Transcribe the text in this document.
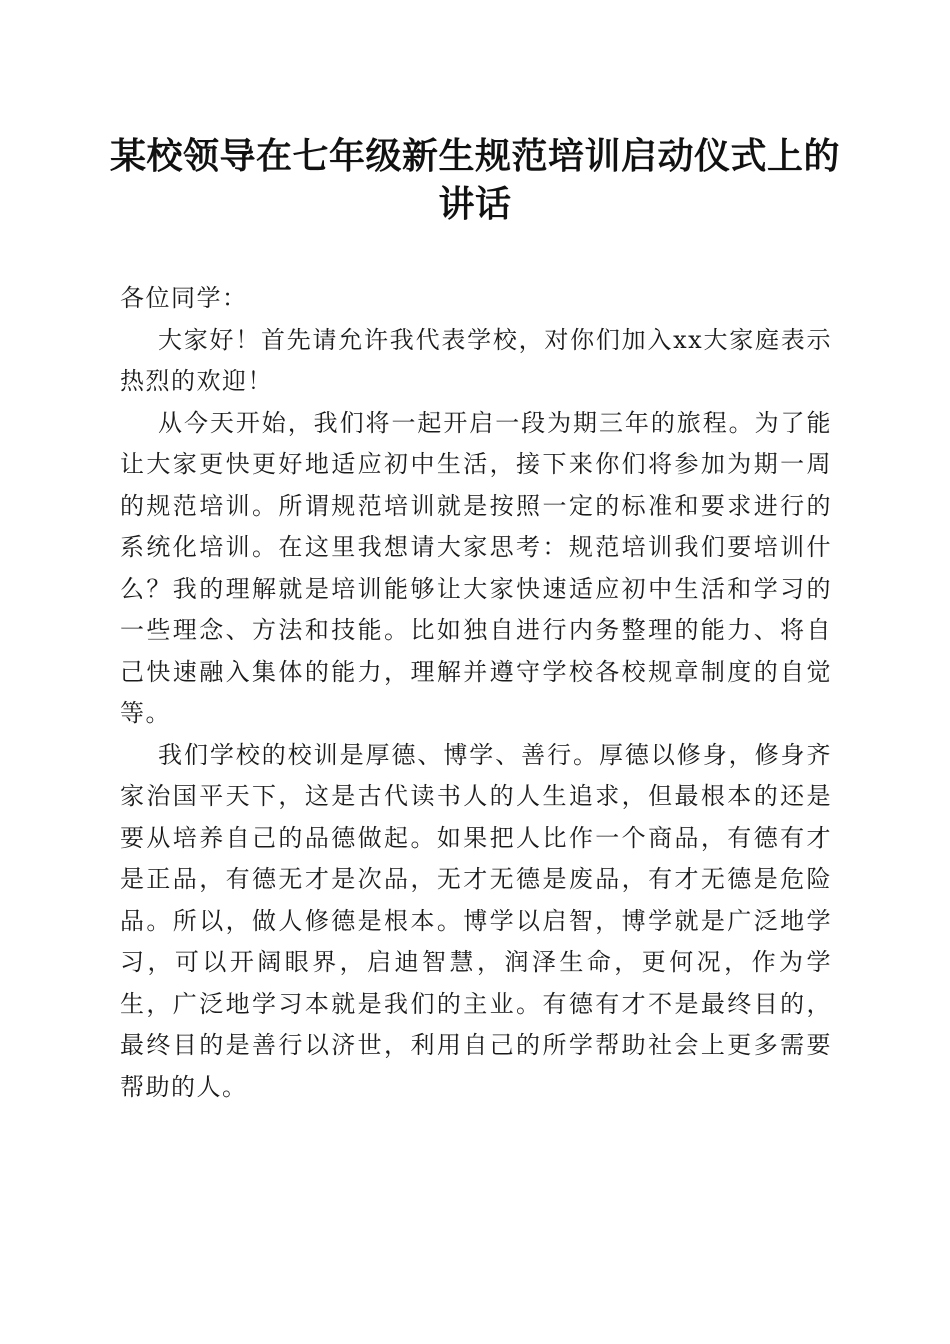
某校领导在七年级新生规范培训启动仪式上的讲话

各位同学：

大家好！首先请允许我代表学校，对你们加入xx大家庭表示热烈的欢迎！

从今天开始，我们将一起开启一段为期三年的旅程。为了能让大家更快更好地适应初中生活，接下来你们将参加为期一周的规范培训。所谓规范培训就是按照一定的标准和要求进行的系统化培训。在这里我想请大家思考：规范培训我们要培训什么？我的理解就是培训能够让大家快速适应初中生活和学习的一些理念、方法和技能。比如独自进行内务整理的能力、将自己快速融入集体的能力，理解并遵守学校各校规章制度的自觉等。

我们学校的校训是厚德、博学、善行。厚德以修身，修身齐家治国平天下，这是古代读书人的人生追求，但最根本的还是要从培养自己的品德做起。如果把人比作一个商品，有德有才是正品，有德无才是次品，无才无德是废品，有才无德是危险品。所以，做人修德是根本。博学以启智，博学就是广泛地学习，可以开阔眼界，启迪智慧，润泽生命，更何况，作为学生，广泛地学习本就是我们的主业。有德有才不是最终目的，最终目的是善行以济世，利用自己的所学帮助社会上更多需要帮助的人。
